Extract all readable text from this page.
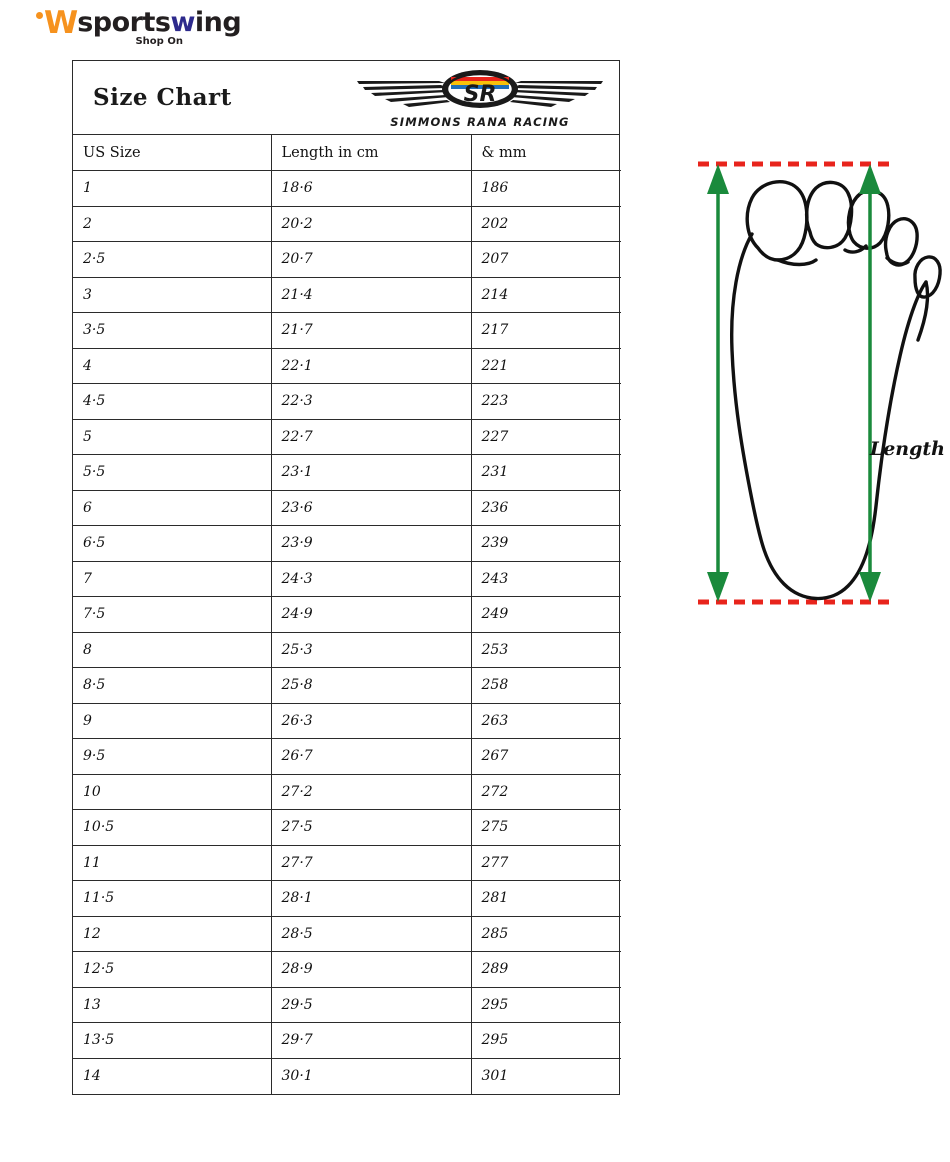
W sportswing
Shop On
Size Chart	SR
SIMMONS RANA RACING
US Size	Length in cm	& mm
1	18·6	186
2	20·2	202
2·5	20·7	207
3	21·4	214
3·5	21·7	217
4	22·1	221
4·5	22·3	223
5	22·7	227
5·5	23·1	231
6	23·6	236
6·5	23·9	239
7	24·3	243
7·5	24·9	249
8	25·3	253
8·5	25·8	258
9	26·3	263
9·5	26·7	267
10	27·2	272
10·5	27·5	275
11	27·7	277
11·5	28·1	281
12	28·5	285
12·5	28·9	289
13	29·5	295
13·5	29·7	295
14	30·1	301
Length
